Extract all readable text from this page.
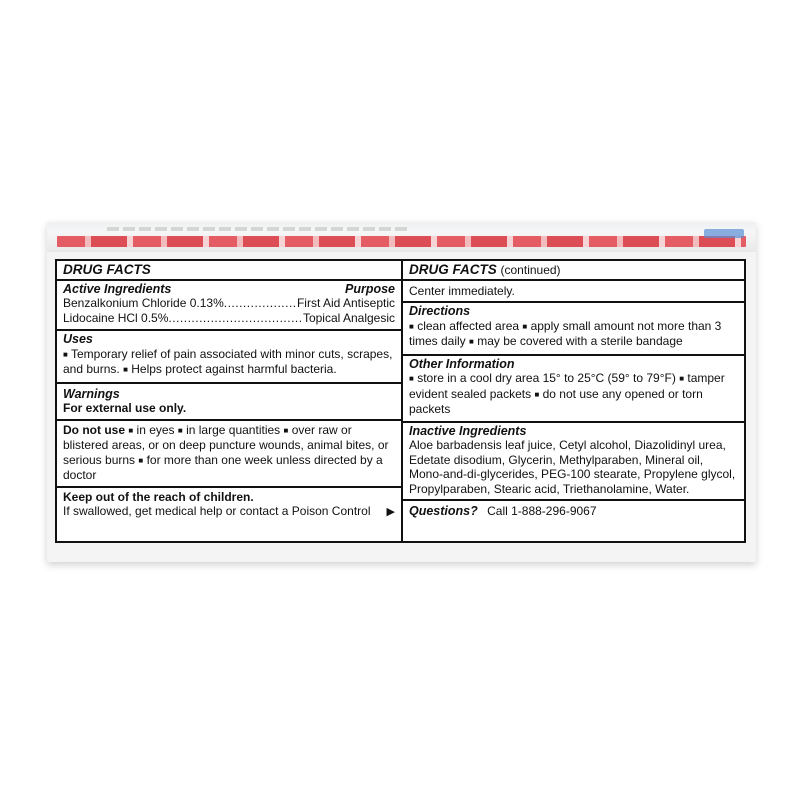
DRUG FACTS
Active Ingredients	Purpose
Benzalkonium Chloride 0.13% .....	First Aid Antiseptic
Lidocaine HCl 0.5% .....	Topical Analgesic
Uses
■ Temporary relief of pain associated with minor cuts, scrapes, and burns. ■ Helps protect against harmful bacteria.
Warnings
For external use only.
Do not use ■ in eyes ■ in large quantities ■ over raw or blistered areas, or on deep puncture wounds, animal bites, or serious burns ■ for more than one week unless directed by a doctor
Keep out of the reach of children.
▶
If swallowed, get medical help or contact a Poison Control
DRUG FACTS (continued)
Center immediately.
Directions
■ clean affected area ■ apply small amount not more than 3 times daily ■ may be covered with a sterile bandage
Other Information
■ store in a cool dry area 15° to 25°C (59° to 79°F) ■ tamper evident sealed packets ■ do not use any opened or torn packets
Inactive Ingredients
Aloe barbadensis leaf juice, Cetyl alcohol, Diazolidinyl urea, Edetate disodium, Glycerin, Methylparaben, Mineral oil, Mono-and-di-glycerides, PEG-100 stearate, Propylene glycol, Propylparaben, Stearic acid, Triethanolamine, Water.
Questions? Call 1-888-296-9067
